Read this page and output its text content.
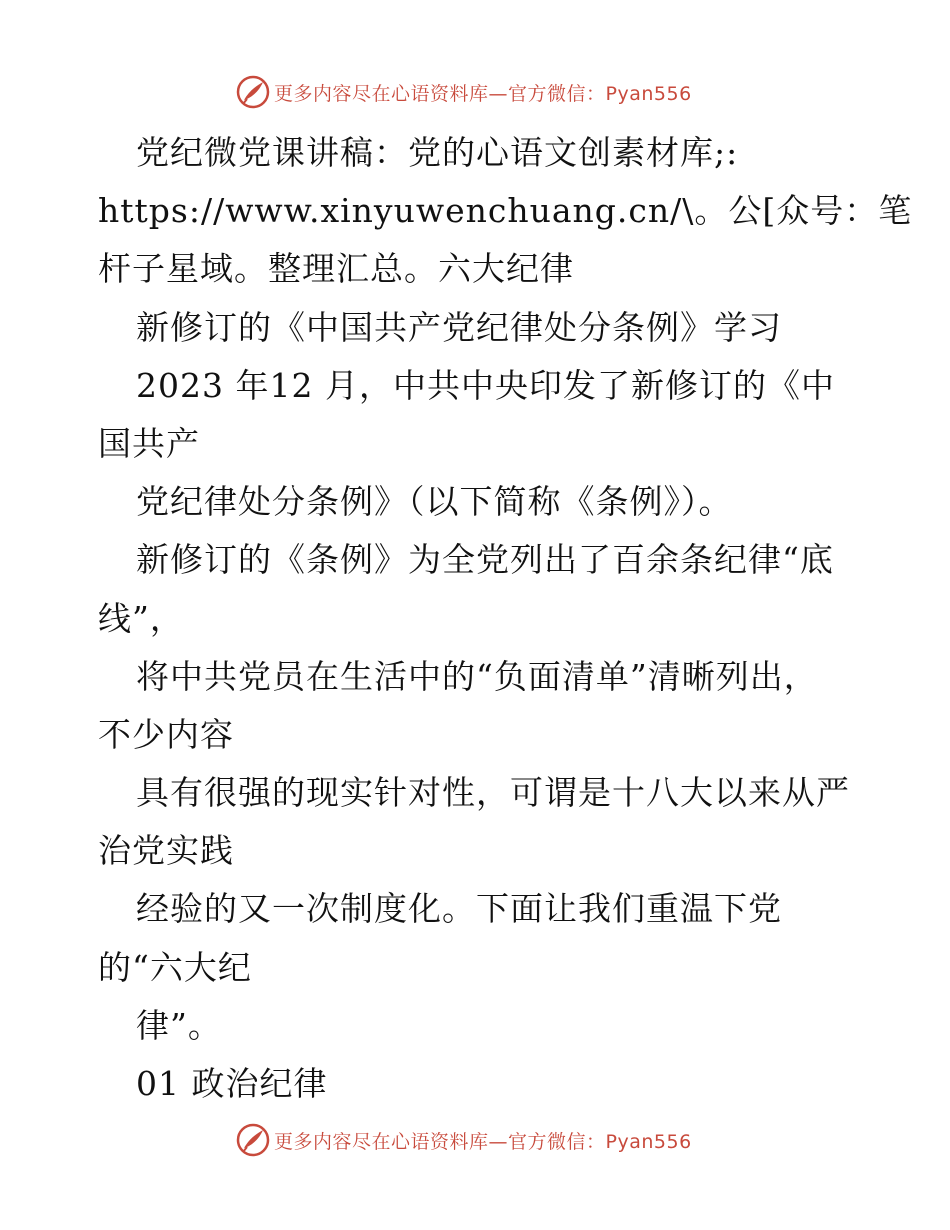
更多内容尽在心语资料库—官方微信：Pyan556
党纪微党课讲稿：党的心语文创素材库;:
https://www.xinyuwenchuang.cn/\。公[众号：笔
杆子星域。整理汇总。六大纪律
新修订的《中国共产党纪律处分条例》学习
2023 年12 月，中共中央印发了新修订的《中
国共产
党纪律处分条例》（以下简称《条例》）。
新修订的《条例》为全党列出了百余条纪律“底
线”，
将中共党员在生活中的“负面清单”清晰列出，
不少内容
具有很强的现实针对性，可谓是十八大以来从严
治党实践
经验的又一次制度化。下面让我们重温下党
的“六大纪
律”。
01 政治纪律
更多内容尽在心语资料库—官方微信：Pyan556
